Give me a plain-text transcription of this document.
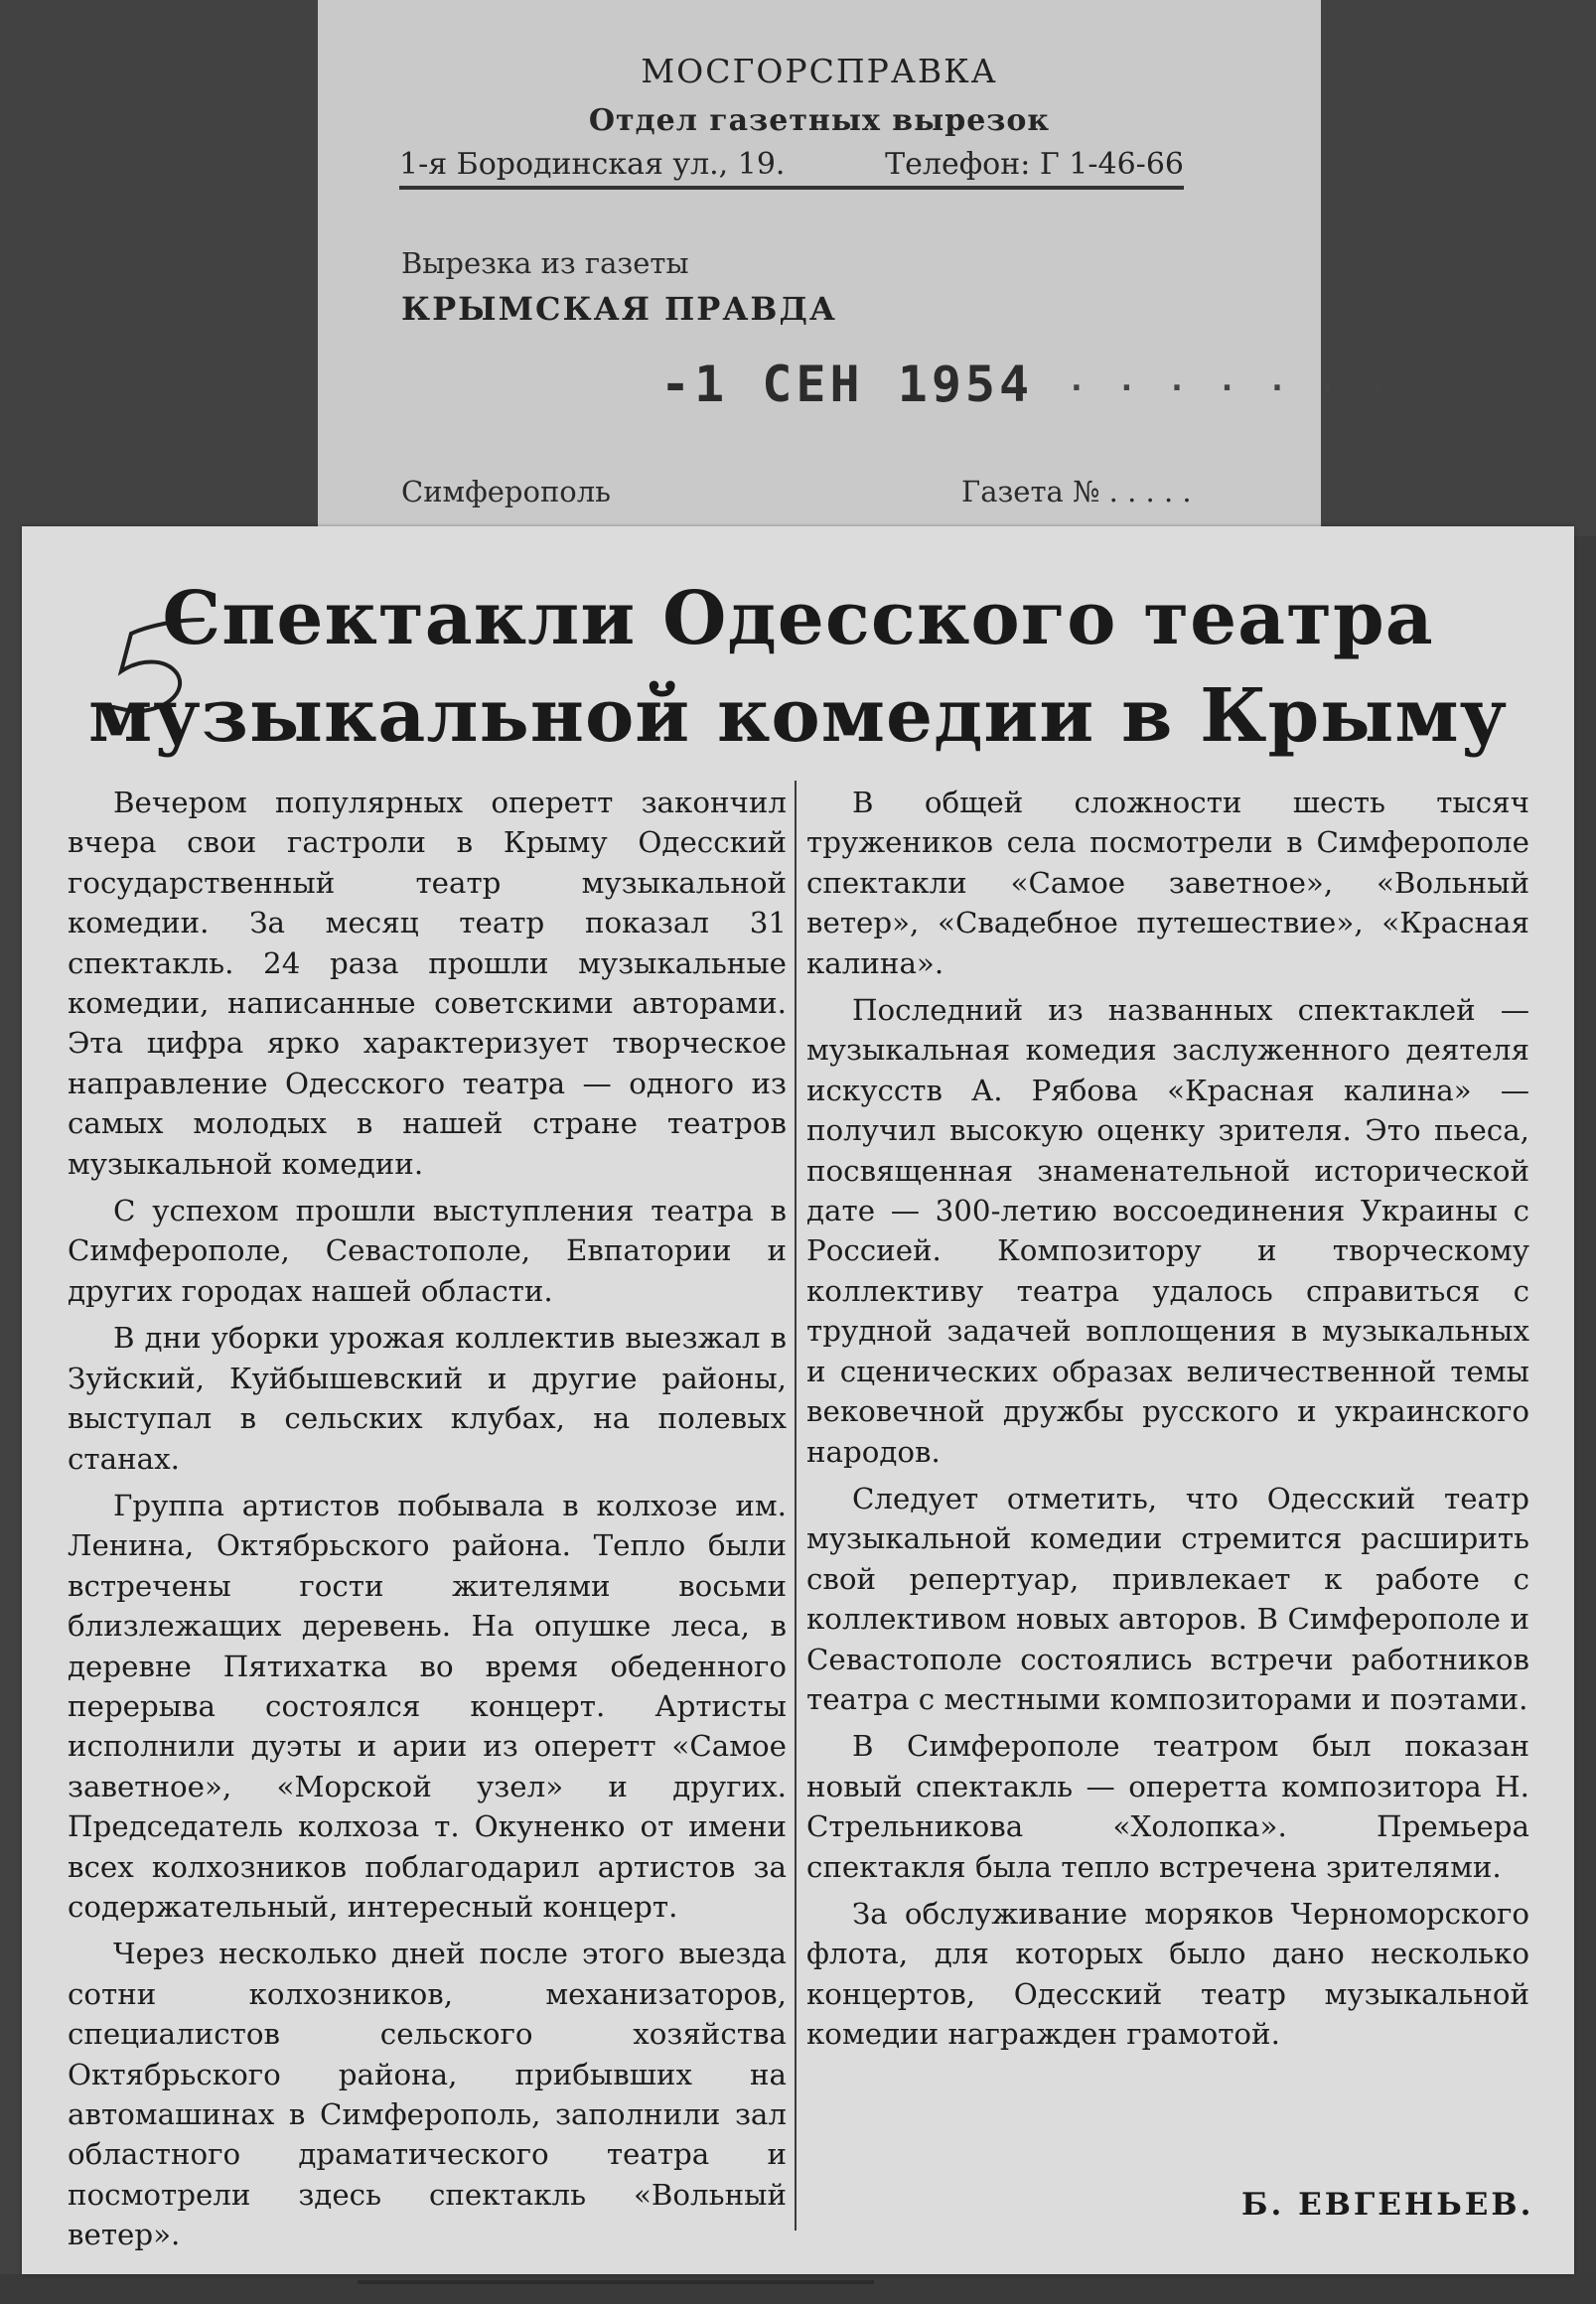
МОСГОРСПРАВКА
Отдел газетных вырезок
1-я Бородинская ул., 19.	Телефон: Г 1-46-66
Вырезка из газеты
КРЫМСКАЯ ПРАВДА
-1 СЕН 1954 · · · · · · ·
Симферополь	Газета № . . . . .
Спектакли Одесского театра
музыкальной комедии в Крыму

Вечером популярных оперетт закончил вчера свои гастроли в Крыму Одесский государственный театр музыкальной комедии. За месяц театр показал 31 спектакль. 24 раза прошли музыкальные комедии, написанные советскими авторами. Эта цифра ярко характеризует творческое направление Одесского театра — одного из самых молодых в нашей стране театров музыкальной комедии.

С успехом прошли выступления театра в Симферополе, Севастополе, Евпатории и других городах нашей области.

В дни уборки урожая коллектив выезжал в Зуйский, Куйбышевский и другие районы, выступал в сельских клубах, на полевых станах.

Группа артистов побывала в колхозе им. Ленина, Октябрьского района. Тепло были встречены гости жителями восьми близлежащих деревень. На опушке леса, в деревне Пятихатка во время обеденного перерыва состоялся концерт. Артисты исполнили дуэты и арии из оперетт «Самое заветное», «Морской узел» и других. Председатель колхоза т. Окуненко от имени всех колхозников поблагодарил артистов за содержательный, интересный концерт.

Через несколько дней после этого выезда сотни колхозников, механизаторов, специалистов сельского хозяйства Октябрьского района, прибывших на автомашинах в Симферополь, заполнили зал областного драматического театра и посмотрели здесь спектакль «Вольный ветер».

В общей сложности шесть тысяч тружеников села посмотрели в Симферополе спектакли «Самое заветное», «Вольный ветер», «Свадебное путешествие», «Красная калина».

Последний из названных спектаклей — музыкальная комедия заслуженного деятеля искусств А. Рябова «Красная калина» — получил высокую оценку зрителя. Это пьеса, посвященная знаменательной исторической дате — 300-летию воссоединения Украины с Россией. Композитору и творческому коллективу театра удалось справиться с трудной задачей воплощения в музыкальных и сценических образах величественной темы вековечной дружбы русского и украинского народов.

Следует отметить, что Одесский театр музыкальной комедии стремится расширить свой репертуар, привлекает к работе с коллективом новых авторов. В Симферополе и Севастополе состоялись встречи работников театра с местными композиторами и поэтами.

В Симферополе театром был показан новый спектакль — оперетта композитора Н. Стрельникова «Холопка». Премьера спектакля была тепло встречена зрителями.

За обслуживание моряков Черноморского флота, для которых было дано несколько концертов, Одесский театр музыкальной комедии награжден грамотой.

Б. ЕВГЕНЬЕВ.
